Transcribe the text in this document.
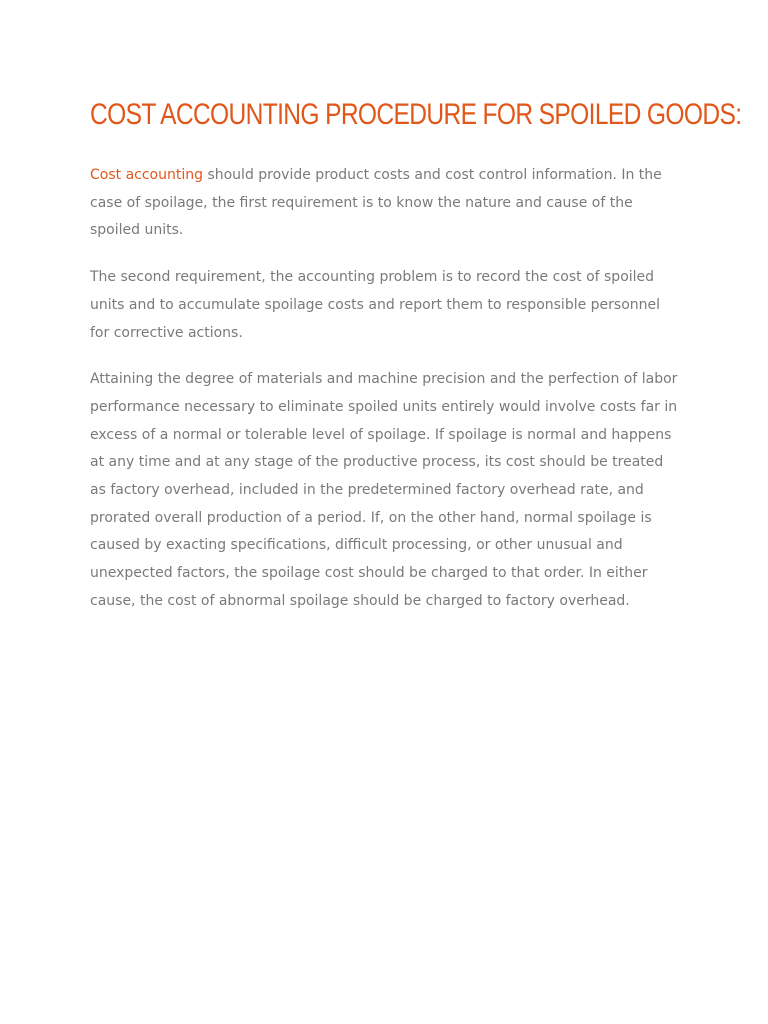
COST ACCOUNTING PROCEDURE FOR SPOILED GOODS:

Cost accounting should provide product costs and cost control information. In the case of spoilage, the first requirement is to know the nature and cause of the spoiled units.

The second requirement, the accounting problem is to record the cost of spoiled units and to accumulate spoilage costs and report them to responsible personnel for corrective actions.

Attaining the degree of materials and machine precision and the perfection of labor performance necessary to eliminate spoiled units entirely would involve costs far in excess of a normal or tolerable level of spoilage. If spoilage is normal and happens at any time and at any stage of the productive process, its cost should be treated as factory overhead, included in the predetermined factory overhead rate, and prorated overall production of a period. If, on the other hand, normal spoilage is caused by exacting specifications, difficult processing, or other unusual and unexpected factors, the spoilage cost should be charged to that order. In either cause, the cost of abnormal spoilage should be charged to factory overhead.
